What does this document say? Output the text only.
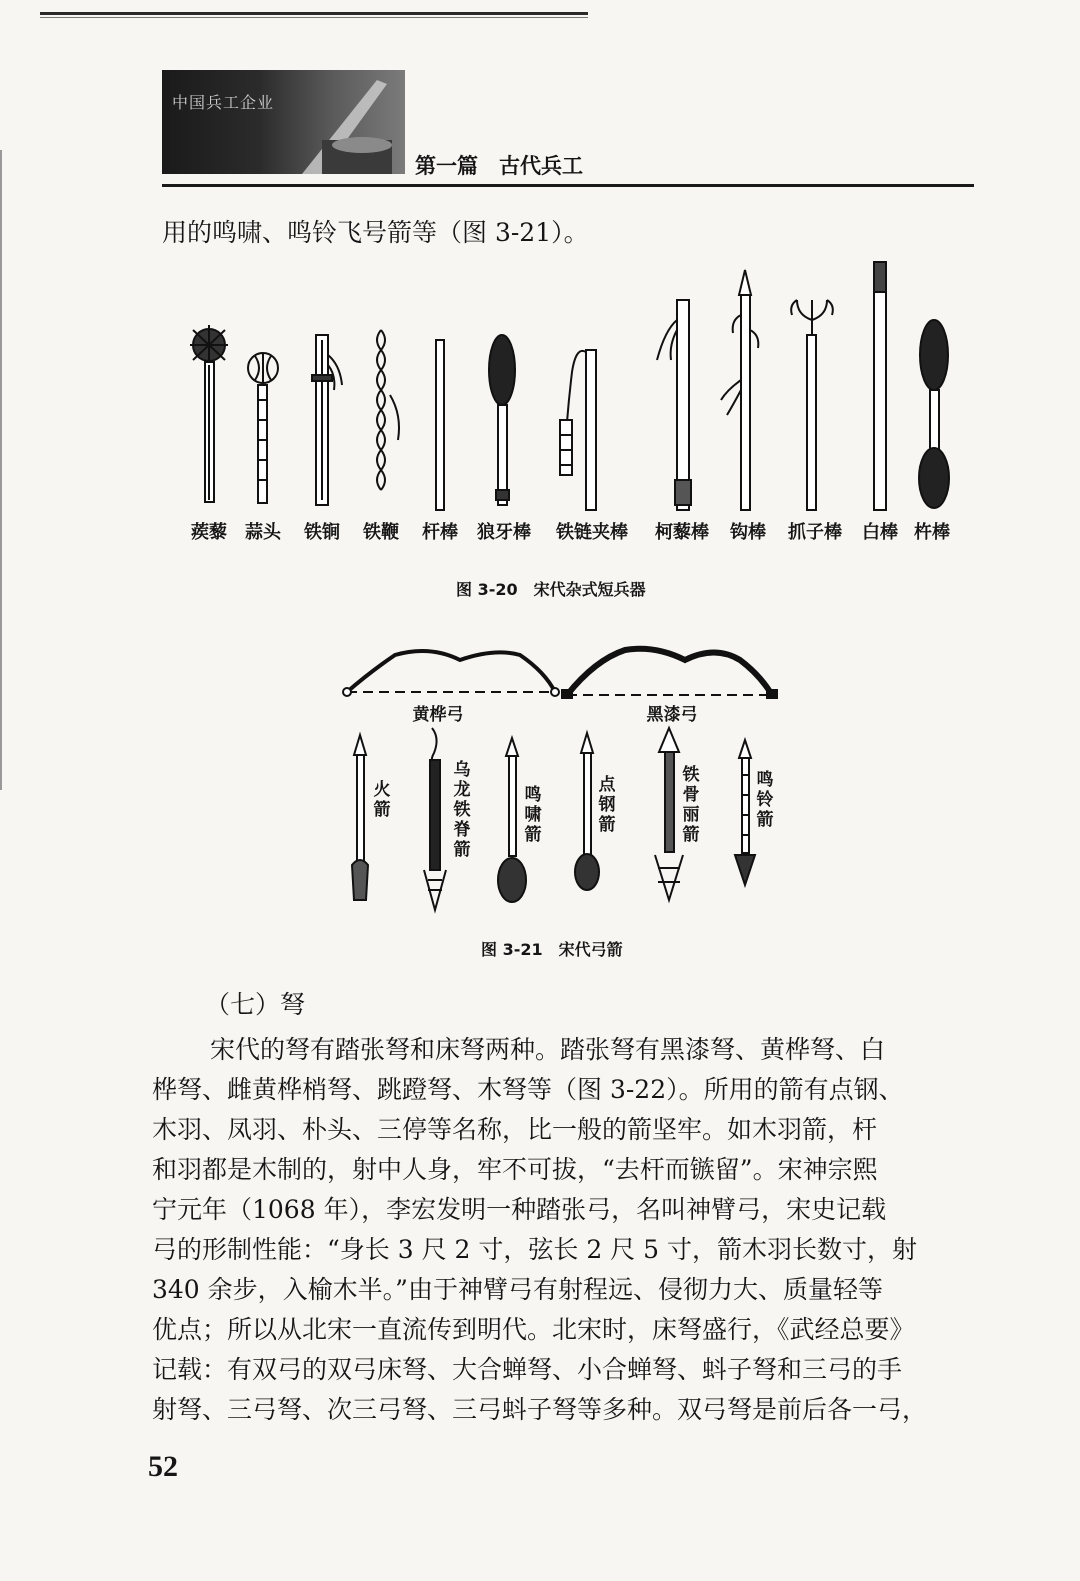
中国兵工企业
第一篇　古代兵工
用的鸣啸、鸣铃飞号箭等（图 3-21）。
蒺藜 蒜头 铁锏 铁鞭 杆棒 狼牙棒 铁链夹棒 柯藜棒 钩棒 抓子棒 白棒 杵棒
图 3-20　宋代杂式短兵器
黄桦弓	黑漆弓
火箭
乌龙铁脊箭
鸣啸箭
点钢箭
铁骨丽箭
鸣铃箭
图 3-21　宋代弓箭
（七）弩
宋代的弩有踏张弩和床弩两种。踏张弩有黑漆弩、黄桦弩、白
桦弩、雌黄桦梢弩、跳蹬弩、木弩等（图 3-22）。所用的箭有点钢、
木羽、凤羽、朴头、三停等名称，比一般的箭坚牢。如木羽箭，杆
和羽都是木制的，射中人身，牢不可拔，“去杆而镞留”。宋神宗熙
宁元年（1068 年），李宏发明一种踏张弓，名叫神臂弓，宋史记载
弓的形制性能：“身长 3 尺 2 寸，弦长 2 尺 5 寸，箭木羽长数寸，射
340 余步，入榆木半。”由于神臂弓有射程远、侵彻力大、质量轻等
优点；所以从北宋一直流传到明代。北宋时，床弩盛行，《武经总要》
记载：有双弓的双弓床弩、大合蝉弩、小合蝉弩、蚪子弩和三弓的手
射弩、三弓弩、次三弓弩、三弓蚪子弩等多种。双弓弩是前后各一弓，
52
